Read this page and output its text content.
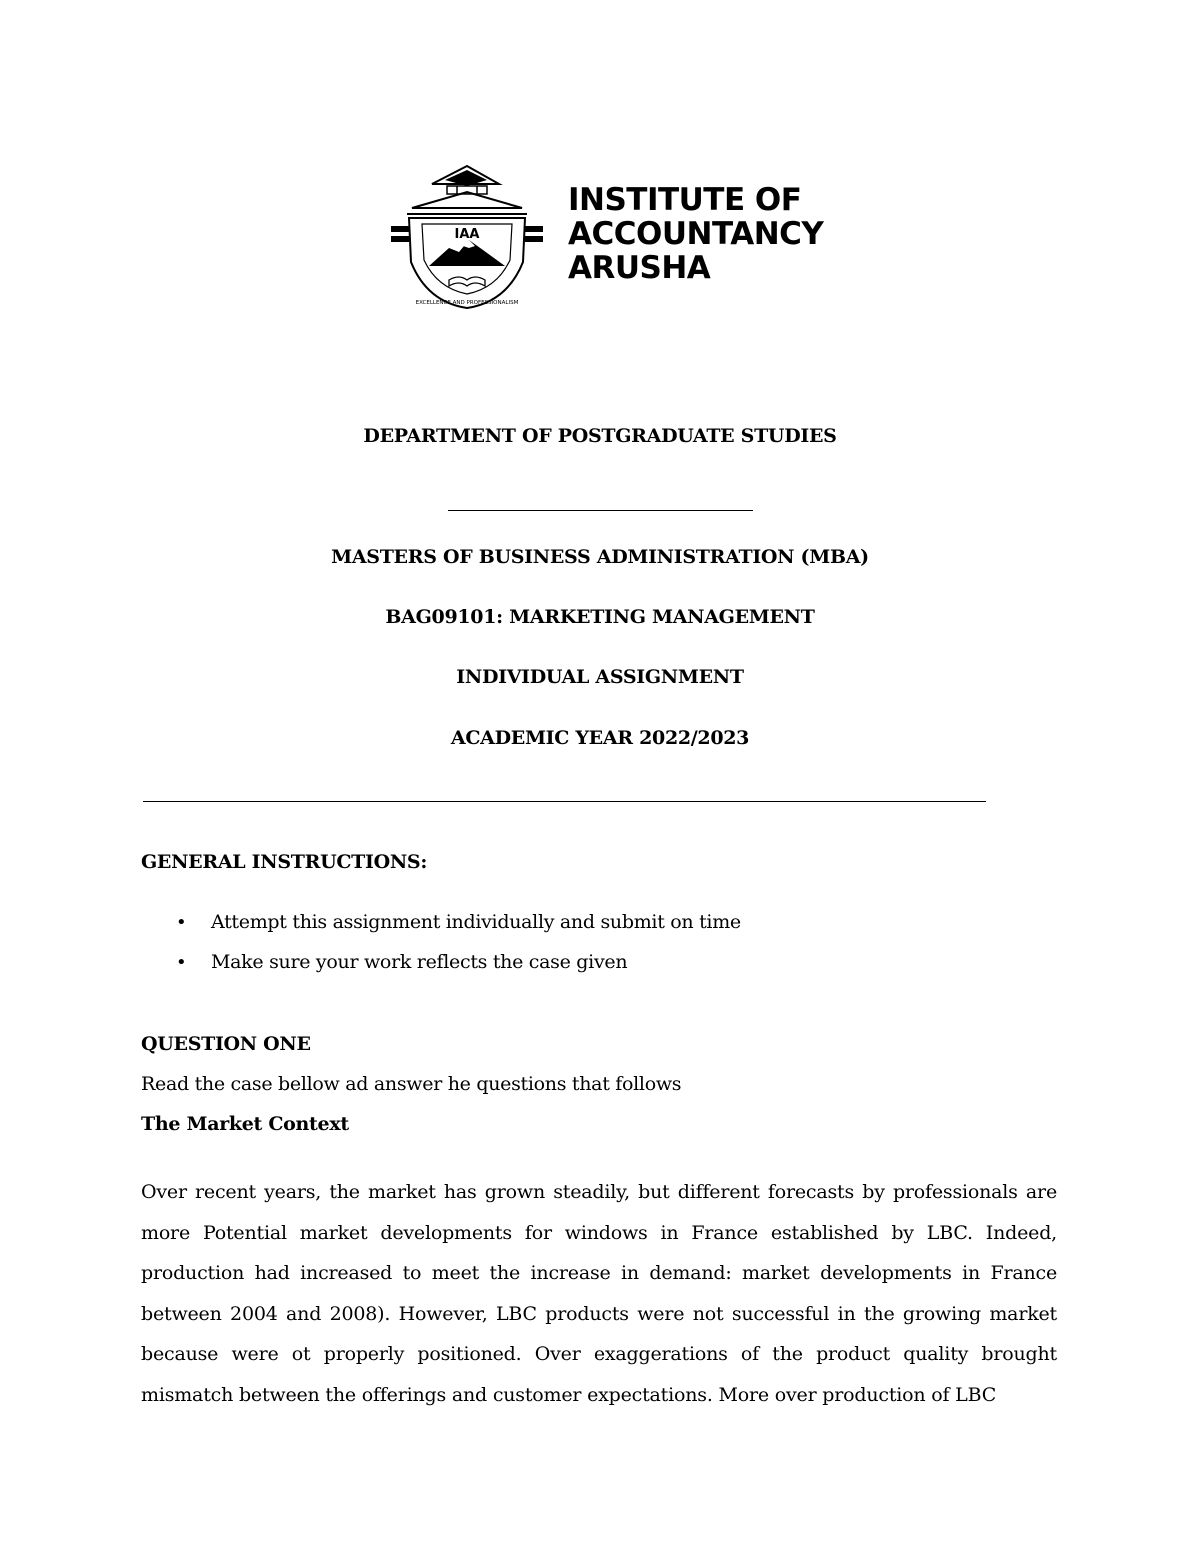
IAA
EXCELLENCE AND PROFESSIONALISM
INSTITUTE OF
ACCOUNTANCY
ARUSHA
DEPARTMENT OF POSTGRADUATE STUDIES
MASTERS OF BUSINESS ADMINISTRATION (MBA)
BAG09101: MARKETING MANAGEMENT
INDIVIDUAL ASSIGNMENT
ACADEMIC YEAR 2022/2023
GENERAL INSTRUCTIONS:
• Attempt this assignment individually and submit on time
• Make sure your work reflects the case given
QUESTION ONE
Read the case bellow ad answer he questions that follows
The Market Context
Over recent years, the market has grown steadily, but different forecasts by professionals are more Potential market developments for windows in France established by LBC. Indeed, production had increased to meet the increase in demand: market developments in France between 2004 and 2008). However, LBC products were not successful in the growing market because were ot properly positioned. Over exaggerations of the product quality brought mismatch between the offerings and customer expectations. More over production of LBC
